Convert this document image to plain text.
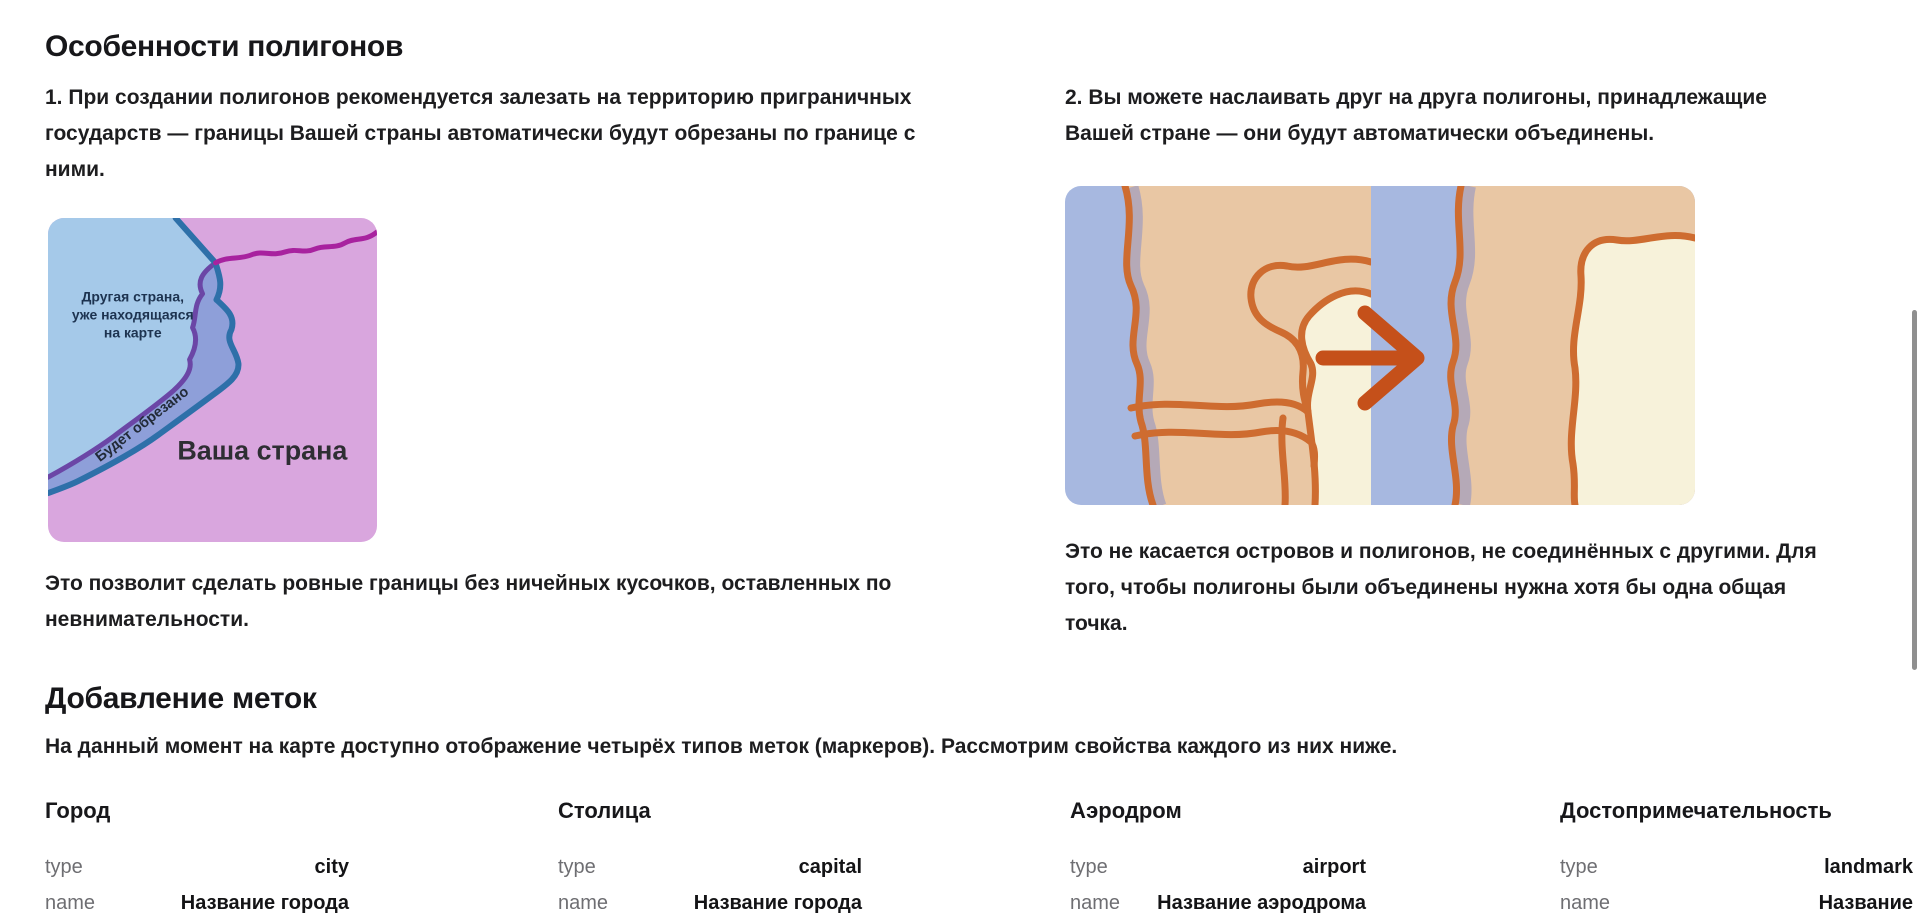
Особенности полигонов
1. При создании полигонов рекомендуется залезать на территорию приграничных
государств — границы Вашей страны автоматически будут обрезаны по границе с
ними.
2. Вы можете наслаивать друг на друга полигоны, принадлежащие
Вашей стране — они будут автоматически объединены.
Другая страна,
уже находящаяся
на карте
Будет обрезано
Ваша страна
Это позволит сделать ровные границы без ничейных кусочков, оставленных по
невнимательности.
Это не касается островов и полигонов, не соединённых с другими. Для
того, чтобы полигоны были объединены нужна хотя бы одна общая
точка.
Добавление меток
На данный момент на карте доступно отображение четырёх типов меток (маркеров). Рассмотрим свойства каждого из них ниже.
Город
type	city
name	Название города
Столица
type	capital
name	Название города
Аэродром
type	airport
name Название аэродрома
Достопримечательность
type	landmark
name	Название
